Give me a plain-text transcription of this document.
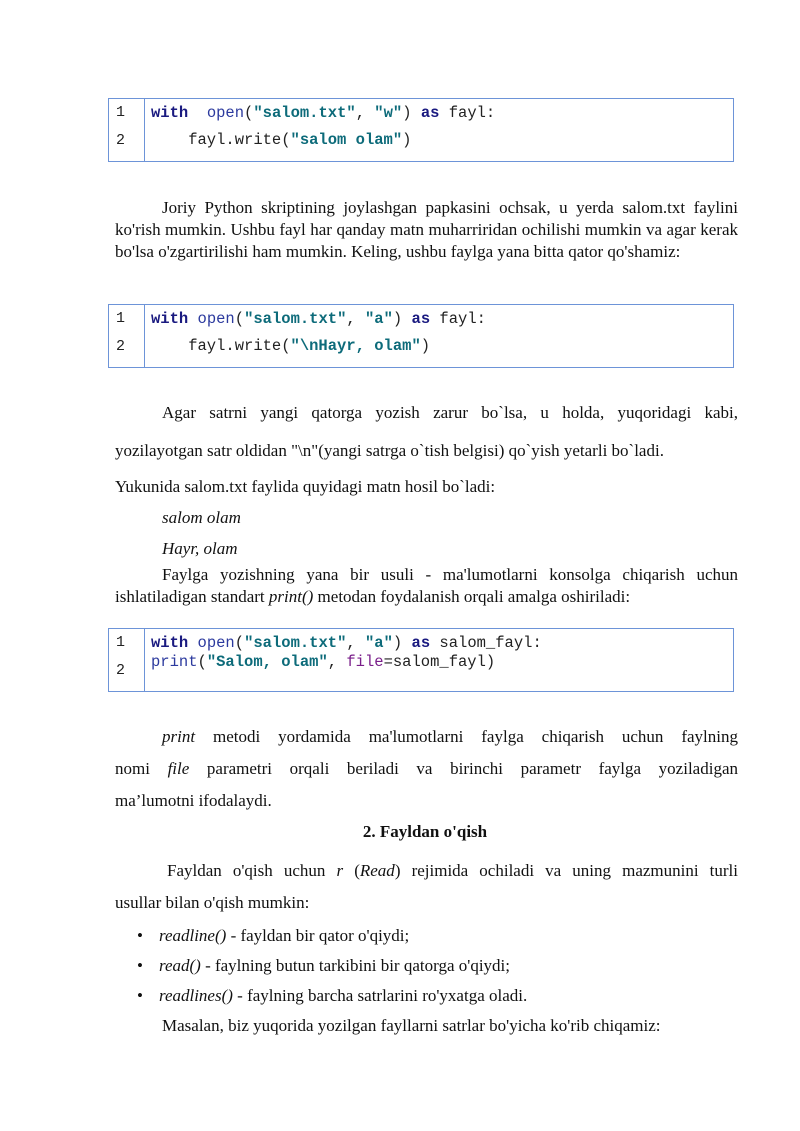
1
2
with open("salom.txt", "w") as fayl:
fayl.write("salom olam")

Joriy Python skriptining joylashgan papkasini ochsak, u yerda salom.txt faylini ko'rish mumkin. Ushbu fayl har qanday matn muharriridan ochilishi mumkin va agar kerak bo'lsa o'zgartirilishi ham mumkin. Keling, ushbu faylga yana bitta qator qo'shamiz:

1
2
with open("salom.txt", "a") as fayl:
fayl.write("\nHayr, olam")

Agar satrni yangi qatorga yozish zarur bo`lsa, u holda, yuqoridagi kabi,

yozilayotgan satr oldidan "\n"(yangi satrga o`tish belgisi) qo`yish yetarli bo`ladi.

Yukunida salom.txt faylida quyidagi matn hosil bo`ladi:

salom olam

Hayr, olam

Faylga yozishning yana bir usuli - ma'lumotlarni konsolga chiqarish uchun ishlatiladigan standart print() metodan foydalanish orqali amalga oshiriladi:

1
2
with open("salom.txt", "a") as salom_fayl:
print("Salom, olam", file=salom_fayl)

print metodi yordamida ma'lumotlarni faylga chiqarish uchun faylning

nomi file parametri orqali beriladi va birinchi parametr faylga yoziladigan

ma’lumotni ifodalaydi.

2. Fayldan o'qish

Fayldan o'qish uchun r (Read) rejimida ochiladi va uning mazmunini turli

usullar bilan o'qish mumkin:

• readline() - fayldan bir qator o'qiydi;
• read() - faylning butun tarkibini bir qatorga o'qiydi;
• readlines() - faylning barcha satrlarini ro'yxatga oladi.

Masalan, biz yuqorida yozilgan fayllarni satrlar bo'yicha ko'rib chiqamiz:
